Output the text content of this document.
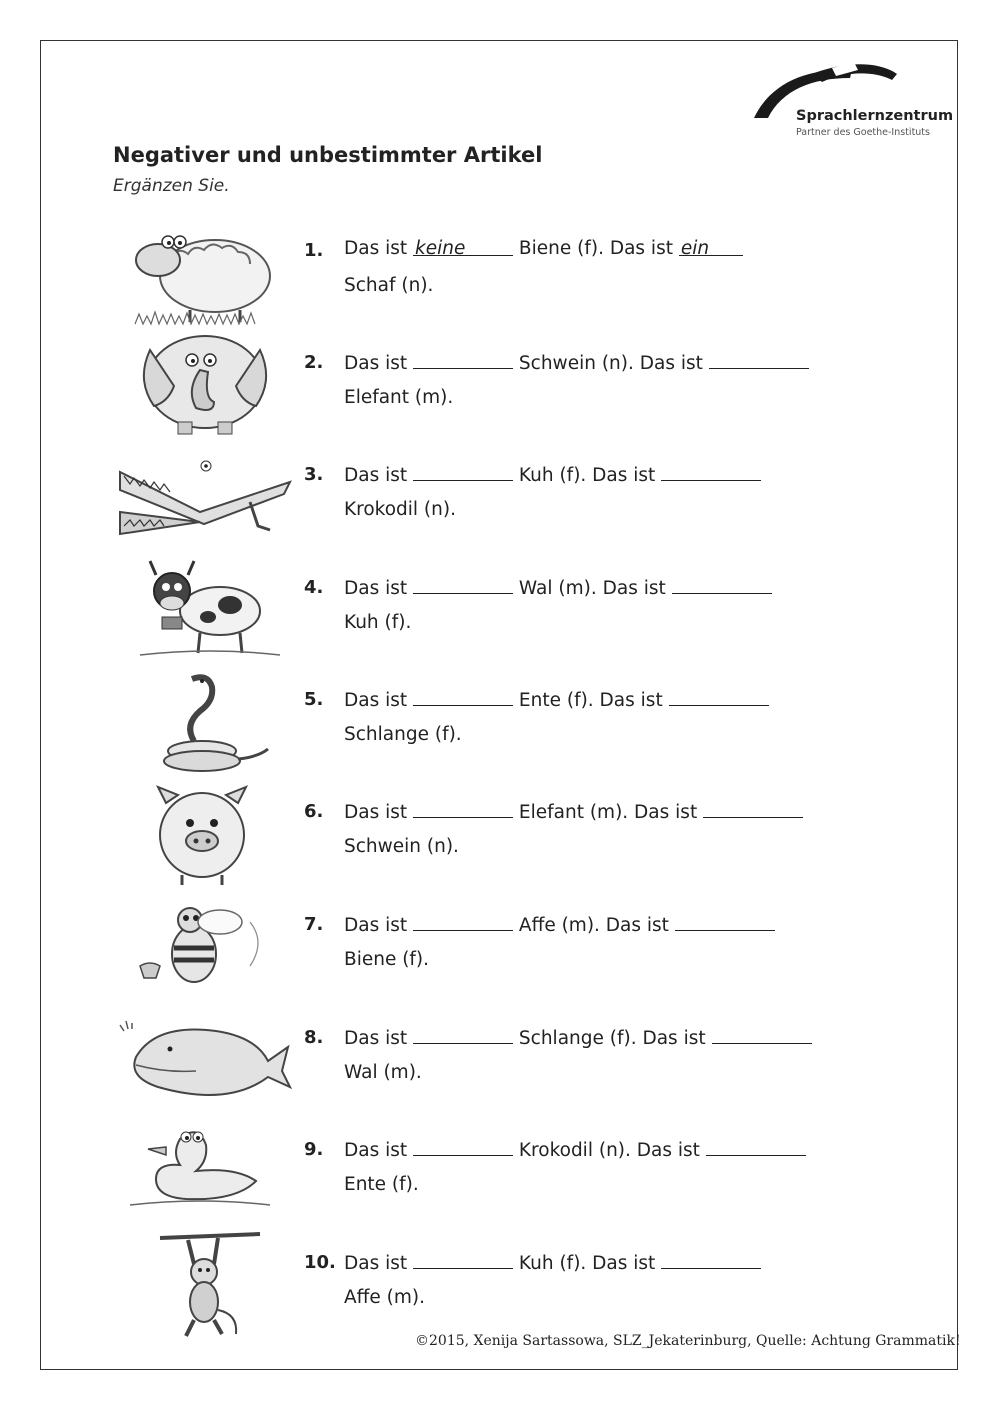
Sprachlernzentrum
Partner des Goethe-Instituts
Negativer und unbestimmter Artikel
Ergänzen Sie.
1.	Das ist keine	Biene (f). Das ist ein
Schaf (n).
2.	Das ist	Schwein (n). Das ist
Elefant (m).
3.	Das ist	Kuh (f). Das ist
Krokodil (n).
4.	Das ist	Wal (m). Das ist
Kuh (f).
5.	Das ist	Ente (f). Das ist
Schlange (f).
6.	Das ist	Elefant (m). Das ist
Schwein (n).
7.	Das ist	Affe (m). Das ist
Biene (f).
8.	Das ist	Schlange (f). Das ist
Wal (m).
9.	Das ist	Krokodil (n). Das ist
Ente (f).
10. Das ist	Kuh (f). Das ist
Affe (m).
©2015, Xenija Sartassowa, SLZ_Jekaterinburg, Quelle: Achtung Grammatik!
